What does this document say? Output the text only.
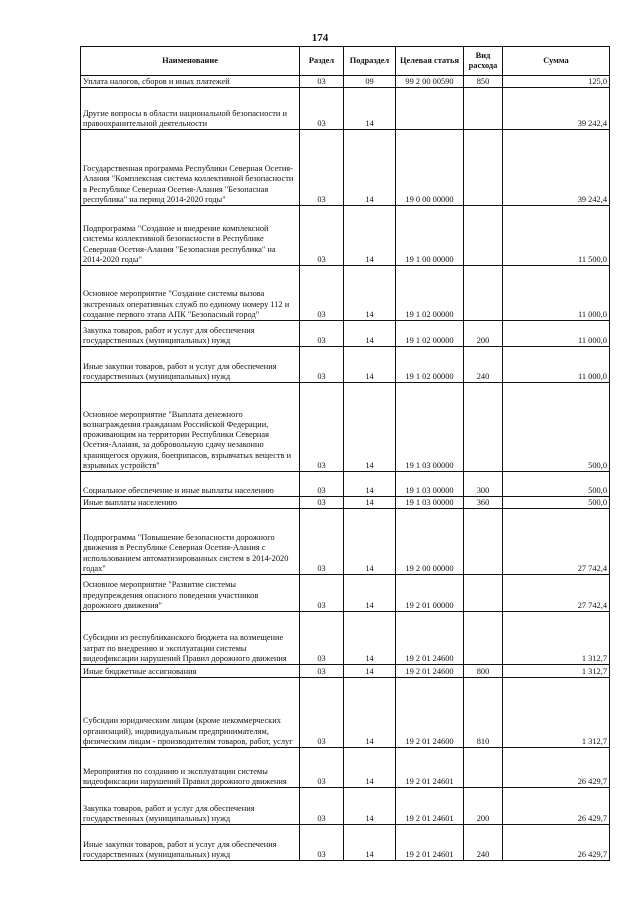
174
Наименование	Раздел	Подраздел	Целевая статья	Вид расхода	Сумма
Уплата налогов, сборов и иных платежей	03	09	99 2 00 00590	850	125,0
Другие вопросы в области национальной безопасности и правоохранительной деятельности	03	14			39 242,4
Государственная программа Республики Северная Осетия-Алания "Комплексная система коллективной безопасности в Республике Северная Осетия-Алания "Безопасная республика" на период 2014-2020 годы"	03	14	19 0 00 00000		39 242,4
Подпрограмма "Создание и внедрение комплексной системы коллективной безопасности в Республике Северная Осетия-Алания "Безопасная республика" на 2014-2020 годы"	03	14	19 1 00 00000		11 500,0
Основное мероприятие "Создание системы вызова экстренных оперативных служб по единому номеру 112 и создание первого этапа АПК "Безопасный город"	03	14	19 1 02 00000		11 000,0
Закупка товаров, работ и услуг для обеспечения государственных (муниципальных) нужд	03	14	19 1 02 00000	200	11 000,0
Иные закупки товаров, работ и услуг для обеспечения государственных (муниципальных) нужд	03	14	19 1 02 00000	240	11 000,0
Основное мероприятие "Выплата денежного вознаграждения гражданам Российской Федерации, проживающим на территории Республики Северная Осетия-Алания, за добровольную сдачу незаконно хранящегося оружия, боеприпасов, взрывчатых веществ и взрывных устройств"	03	14	19 1 03 00000		500,0
Социальное обеспечение и иные выплаты населению	03	14	19 1 03 00000	300	500,0
Иные выплаты населению	03	14	19 1 03 00000	360	500,0
Подпрограмма "Повышение безопасности дорожного движения в Республике Северная Осетия-Алания с использованием автоматизированных систем в 2014-2020 годах"	03	14	19 2 00 00000		27 742,4
Основное мероприятие "Развитие системы предупреждения опасного поведения участников дорожного движения"	03	14	19 2 01 00000		27 742,4
Субсидии из республиканского бюджета на возмещение затрат по внедрению и эксплуатации системы видеофиксации нарушений Правил дорожного движения	03	14	19 2 01 24600		1 312,7
Иные бюджетные ассигнования	03	14	19 2 01 24600	800	1 312,7
Субсидии юридическим лицам (кроме некоммерческих организаций), индивидуальным предпринимателям, физическим лицам - производителям товаров, работ, услуг	03	14	19 2 01 24600	810	1 312,7
Мероприятия по созданию и эксплуатации системы видеофиксации нарушений Правил дорожного движения	03	14	19 2 01 24601		26 429,7
Закупка товаров, работ и услуг для обеспечения государственных (муниципальных) нужд	03	14	19 2 01 24601	200	26 429,7
Иные закупки товаров, работ и услуг для обеспечения государственных (муниципальных) нужд	03	14	19 2 01 24601	240	26 429,7
